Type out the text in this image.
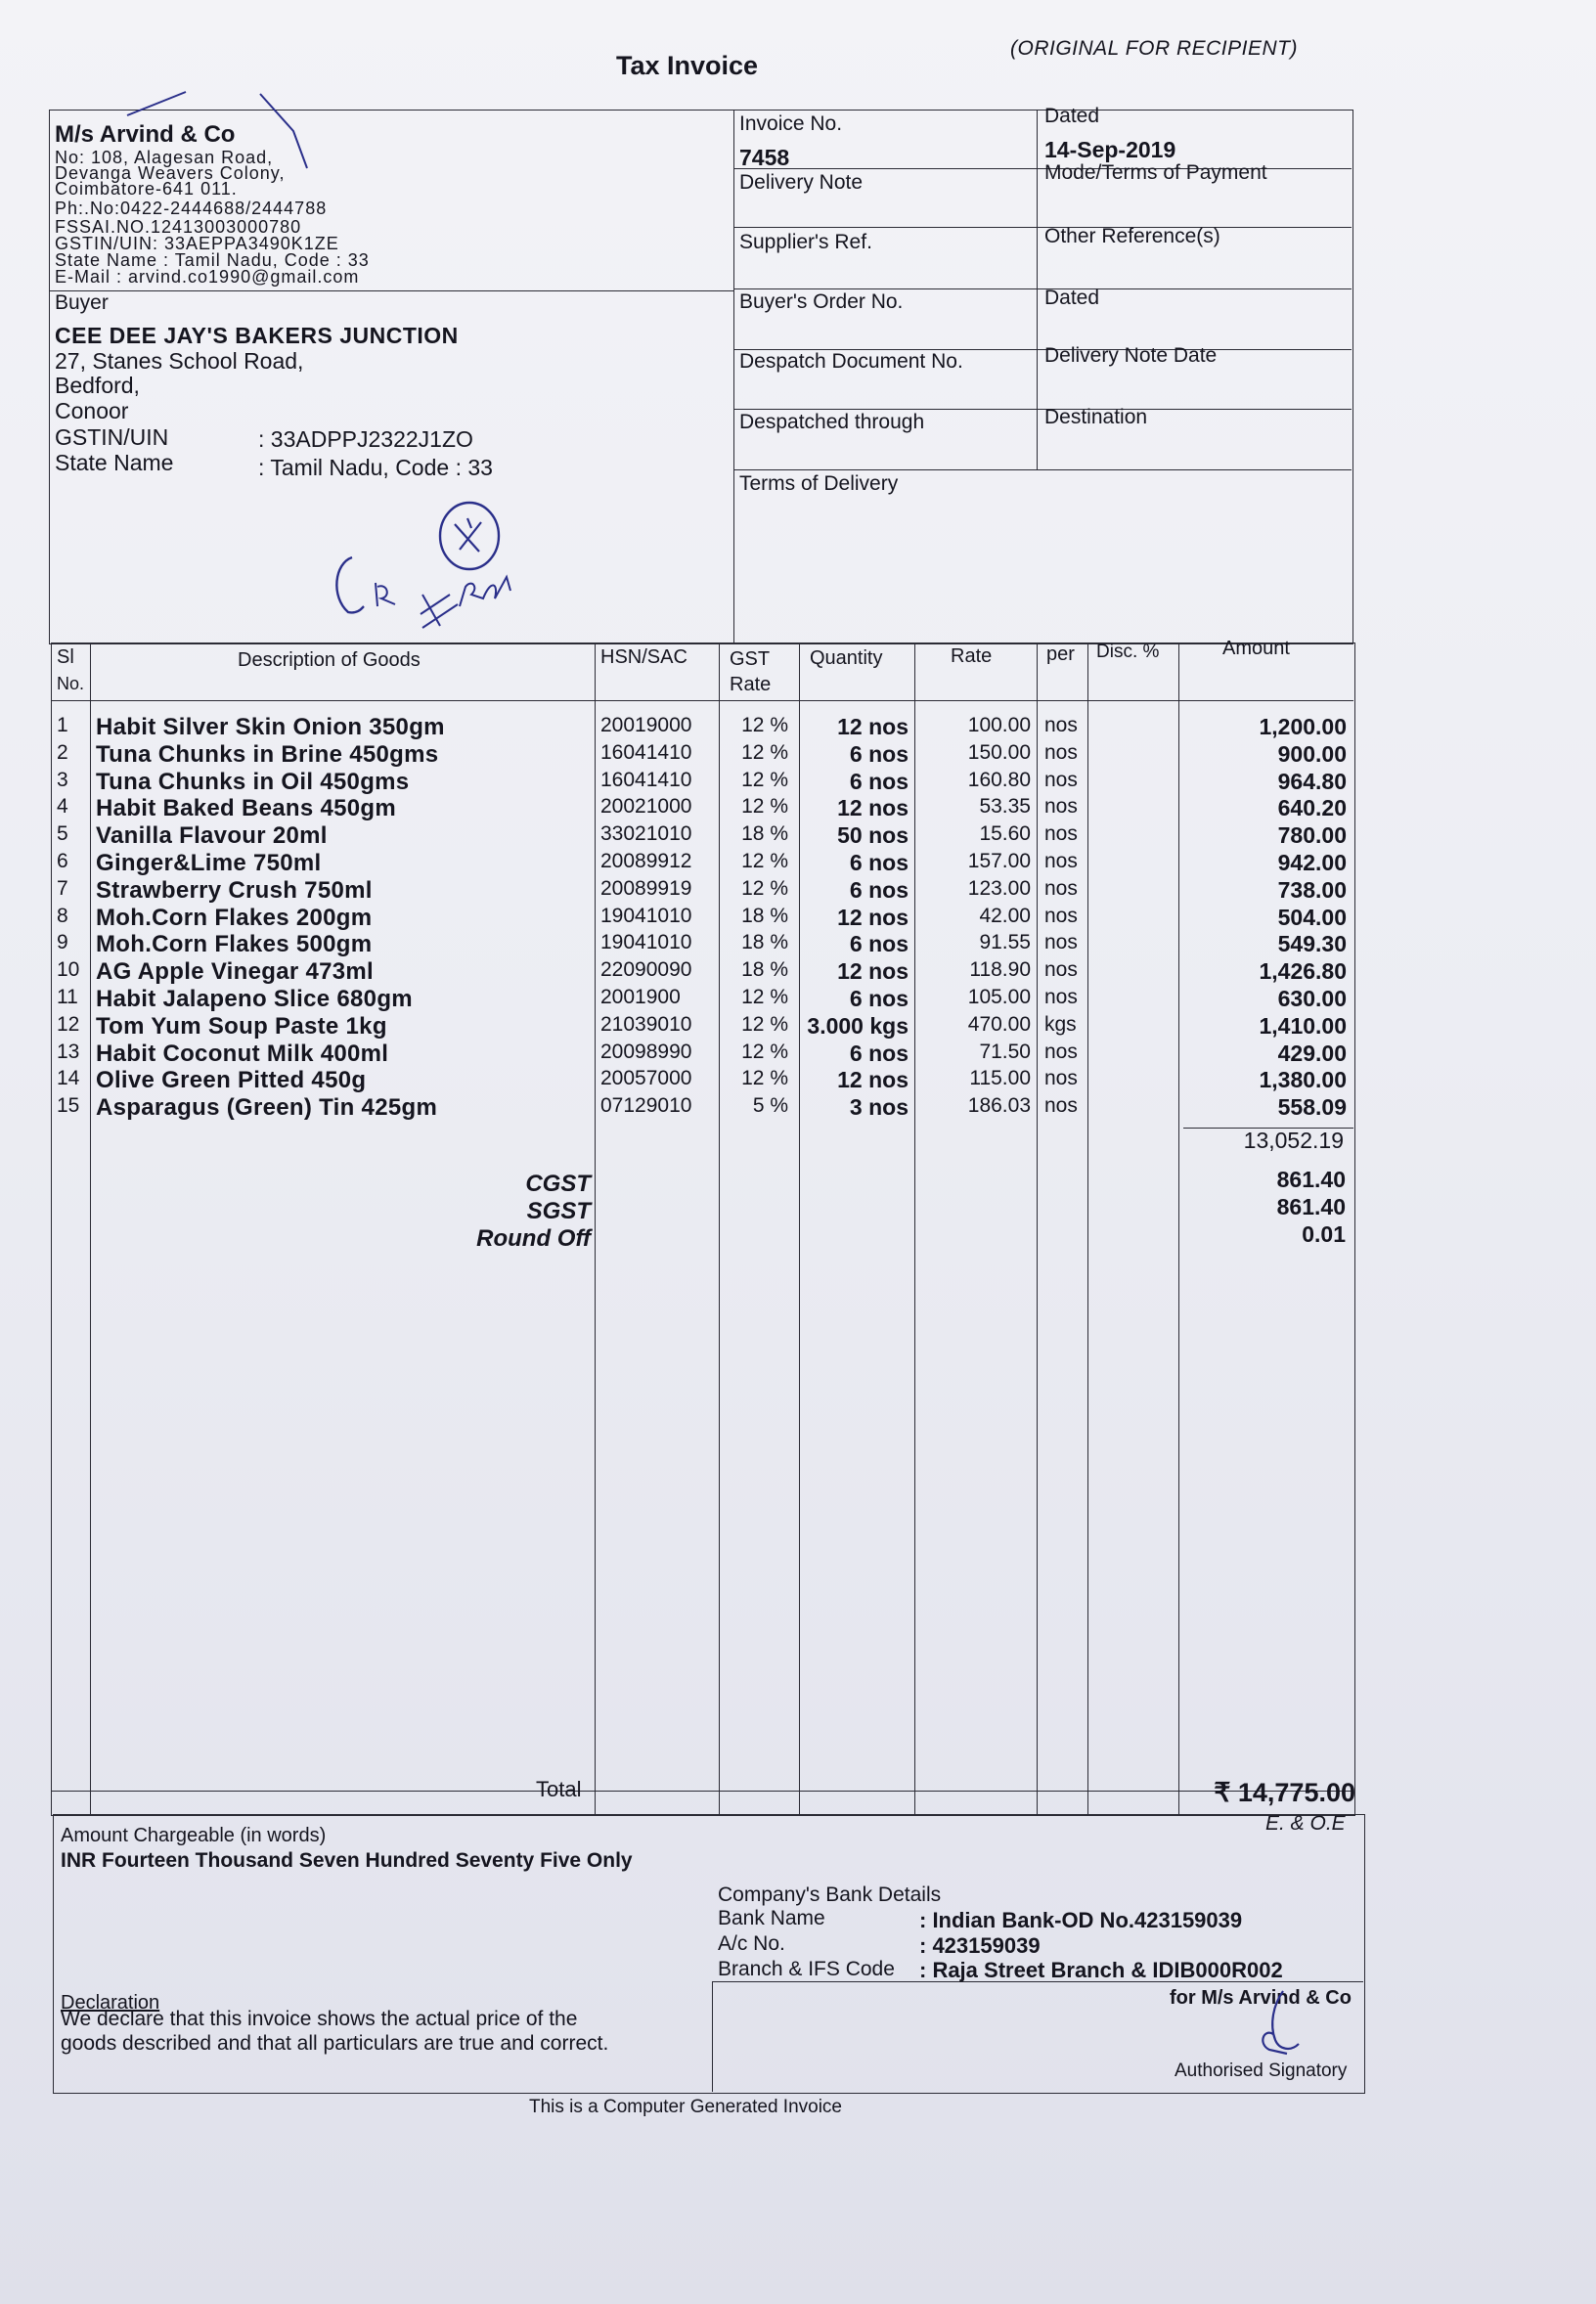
Tax Invoice
(ORIGINAL FOR RECIPIENT)
M/s Arvind & Co
No: 108, Alagesan Road,
Devanga Weavers Colony,
Coimbatore-641 011.
Ph:.No:0422-2444688/2444788
FSSAI.NO.12413003000780
GSTIN/UIN: 33AEPPA3490K1ZE
State Name : Tamil Nadu, Code : 33
E-Mail : arvind.co1990@gmail.com
Buyer
CEE DEE JAY'S BAKERS JUNCTION
27, Stanes School Road,
Bedford,
Conoor
GSTIN/UIN	: 33ADPPJ2322J1ZO
State Name	: Tamil Nadu, Code : 33
Invoice No.
7458
Dated
14-Sep-2019
Delivery Note	Mode/Terms of Payment
Supplier's Ref.	Other Reference(s)
Buyer's Order No.	Dated
Despatch Document No.	Delivery Note Date
Despatched through	Destination
Terms of Delivery
Sl
No.
Description of Goods	HSN/SAC GST
Rate
Quantity	Rate	per Disc. %	Amount
1	Habit Silver Skin Onion 350gm	20019000 12 %	12 nos	100.00 nos	1,200.00
2	Tuna Chunks in Brine 450gms	16041410 12 %	6 nos	150.00 nos	900.00
3	Tuna Chunks in Oil 450gms	16041410 12 %	6 nos	160.80 nos	964.80
4	Habit Baked Beans 450gm	20021000 12 %	12 nos	53.35 nos	640.20
5	Vanilla Flavour 20ml	33021010 18 %	50 nos	15.60 nos	780.00
6	Ginger&Lime 750ml	20089912 12 %	6 nos	157.00 nos	942.00
7	Strawberry Crush 750ml	20089919 12 %	6 nos	123.00 nos	738.00
8	Moh.Corn Flakes 200gm	19041010 18 %	12 nos	42.00 nos	504.00
9	Moh.Corn Flakes 500gm	19041010 18 %	6 nos	91.55 nos	549.30
10 AG Apple Vinegar 473ml	22090090 18 %	12 nos	118.90 nos	1,426.80
11 Habit Jalapeno Slice 680gm	2001900	12 %	6 nos	105.00 nos	630.00
12 Tom Yum Soup Paste 1kg	21039010 12 % 3.000 kgs	470.00 kgs	1,410.00
13 Habit Coconut Milk 400ml	20098990 12 %	6 nos	71.50 nos	429.00
14 Olive Green Pitted 450g	20057000 12 %	12 nos	115.00 nos	1,380.00
15 Asparagus (Green) Tin 425gm	07129010	5 %	3 nos	186.03 nos	558.09
13,052.19
CGST	861.40
SGST	861.40
Round Off	0.01
Total	₹ 14,775.00
E. & O.E
Amount Chargeable (in words)
INR Fourteen Thousand Seven Hundred Seventy Five Only
Company's Bank Details
Bank Name	: Indian Bank-OD No.423159039
A/c No.	: 423159039
Branch & IFS Code : Raja Street Branch & IDIB000R002
Declaration
We declare that this invoice shows the actual price of the
goods described and that all particulars are true and correct.
for M/s Arvind & Co
Authorised Signatory
This is a Computer Generated Invoice
